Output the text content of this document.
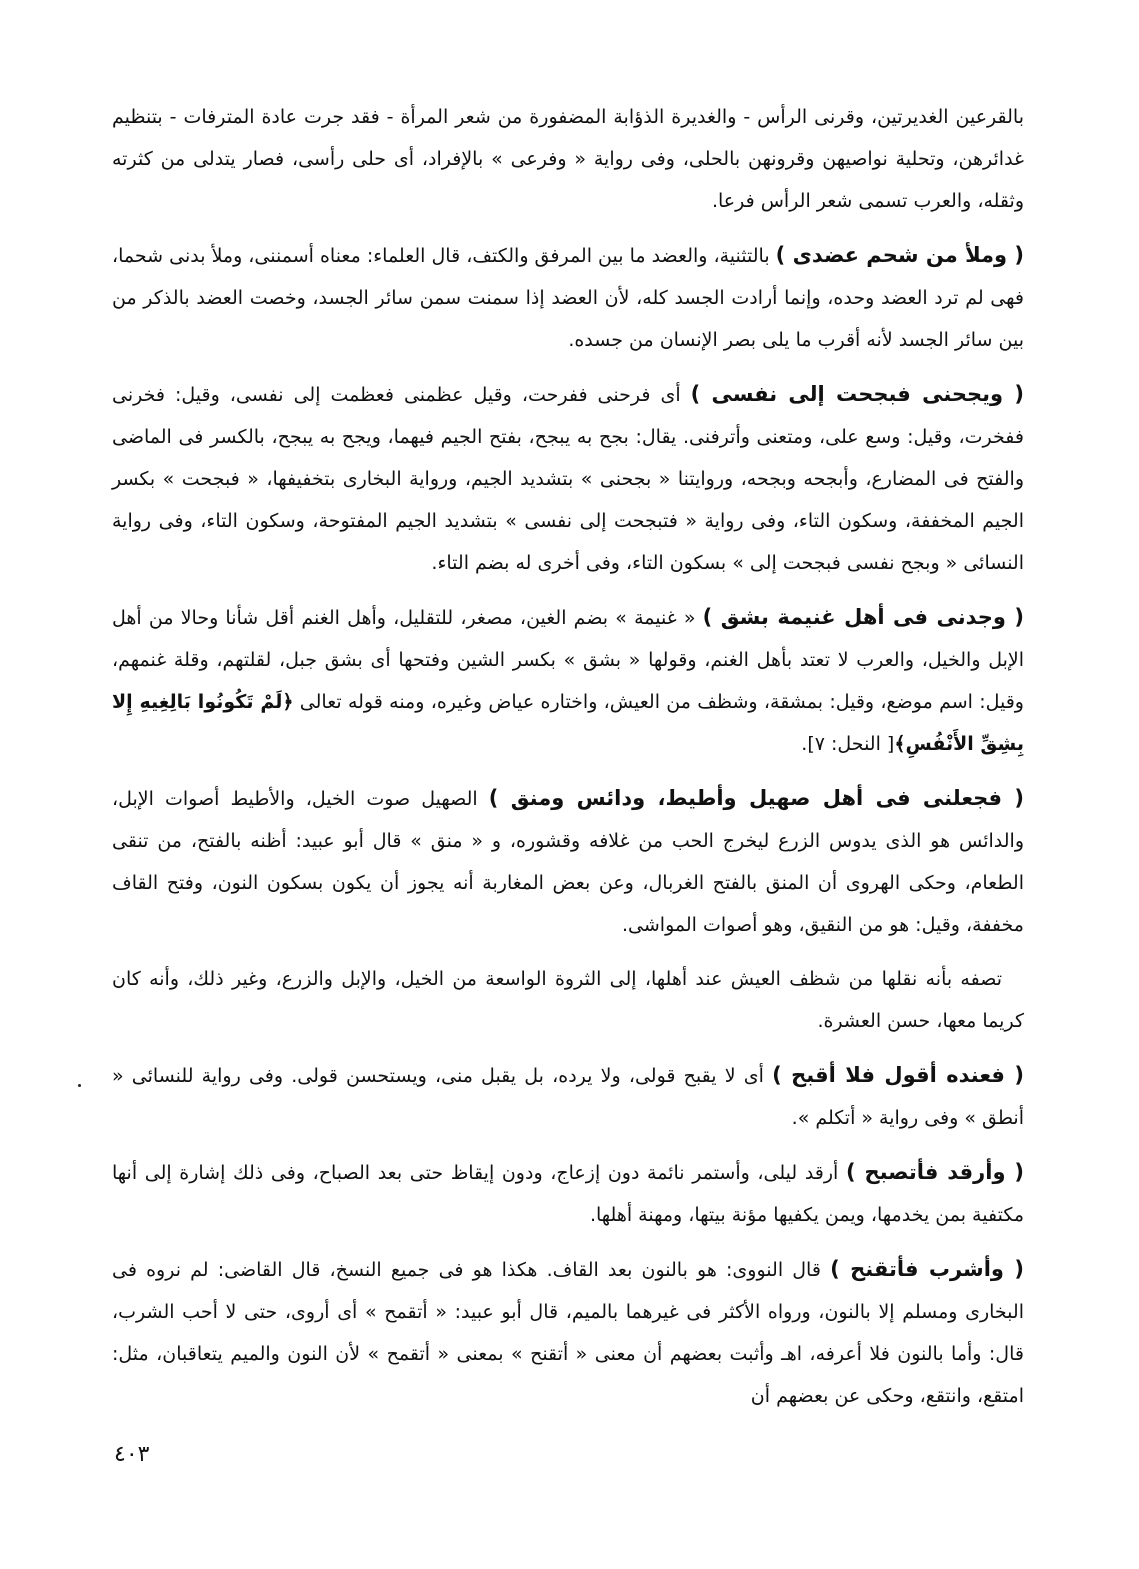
بالقرعين الغديرتين، وقرنى الرأس - والغديرة الذؤابة المضفورة من شعر المرأة - فقد جرت عادة المترفات - بتنظيم غدائرهن، وتحلية نواصيهن وقرونهن بالحلى، وفى رواية « وفرعى » بالإفراد، أى حلى رأسى، فصار يتدلى من كثرته وثقله، والعرب تسمى شعر الرأس فرعا.

( وملأ من شحم عضدى ) بالتثنية، والعضد ما بين المرفق والكتف، قال العلماء: معناه أسمننى، وملأ بدنى شحما، فهى لم ترد العضد وحده، وإنما أرادت الجسد كله، لأن العضد إذا سمنت سمن سائر الجسد، وخصت العضد بالذكر من بين سائر الجسد لأنه أقرب ما يلى بصر الإنسان من جسده.

( ويجحنى فبجحت إلى نفسى ) أى فرحنى ففرحت، وقيل عظمنى فعظمت إلى نفسى، وقيل: فخرنى ففخرت، وقيل: وسع على، ومتعنى وأترفنى. يقال: بجح به يبجح، بفتح الجيم فيهما، ويجح به يبجح، بالكسر فى الماضى والفتح فى المضارع، وأبجحه وبجحه، وروايتنا « بجحنى » بتشديد الجيم، ورواية البخارى بتخفيفها، « فبجحت » بكسر الجيم المخففة، وسكون التاء، وفى رواية « فتبجحت إلى نفسى » بتشديد الجيم المفتوحة، وسكون التاء، وفى رواية النسائى « وبجح نفسى فبجحت إلى » بسكون التاء، وفى أخرى له بضم التاء.

( وجدنى فى أهل غنيمة بشق ) « غنيمة » بضم الغين، مصغر، للتقليل، وأهل الغنم أقل شأنا وحالا من أهل الإبل والخيل، والعرب لا تعتد بأهل الغنم، وقولها « بشق » بكسر الشين وفتحها أى بشق جبل، لقلتهم، وقلة غنمهم، وقيل: اسم موضع، وقيل: بمشقة، وشظف من العيش، واختاره عياض وغيره، ومنه قوله تعالى ﴿لَمْ تَكُونُوا بَالِغِيهِ إِلا بِشِقِّ الأَنْفُسِ﴾[ النحل: ٧].

( فجعلنى فى أهل صهيل وأطيط، ودائس ومنق ) الصهيل صوت الخيل، والأطيط أصوات الإبل، والدائس هو الذى يدوس الزرع ليخرج الحب من غلافه وقشوره، و « منق » قال أبو عبيد: أظنه بالفتح، من تنقى الطعام، وحكى الهروى أن المنق بالفتح الغربال، وعن بعض المغاربة أنه يجوز أن يكون بسكون النون، وفتح القاف مخففة، وقيل: هو من النقيق، وهو أصوات المواشى.

تصفه بأنه نقلها من شظف العيش عند أهلها، إلى الثروة الواسعة من الخيل، والإبل والزرع، وغير ذلك، وأنه كان كريما معها، حسن العشرة.

( فعنده أقول فلا أقبح ) أى لا يقبح قولى، ولا يرده، بل يقبل منى، ويستحسن قولى. وفى رواية للنسائى « أنطق » وفى رواية « أتكلم ».

( وأرقد فأتصبح ) أرقد ليلى، وأستمر نائمة دون إزعاج، ودون إيقاظ حتى بعد الصباح، وفى ذلك إشارة إلى أنها مكتفية بمن يخدمها، ويمن يكفيها مؤنة بيتها، ومهنة أهلها.

( وأشرب فأتقنح ) قال النووى: هو بالنون بعد القاف. هكذا هو فى جميع النسخ، قال القاضى: لم نروه فى البخارى ومسلم إلا بالنون، ورواه الأكثر فى غيرهما بالميم، قال أبو عبيد: « أتقمح » أى أروى، حتى لا أحب الشرب، قال: وأما بالنون فلا أعرفه، اهـ وأثبت بعضهم أن معنى « أتقنح » بمعنى « أتقمح » لأن النون والميم يتعاقبان، مثل: امتقع، وانتقع، وحكى عن بعضهم أن

٤٠٣
